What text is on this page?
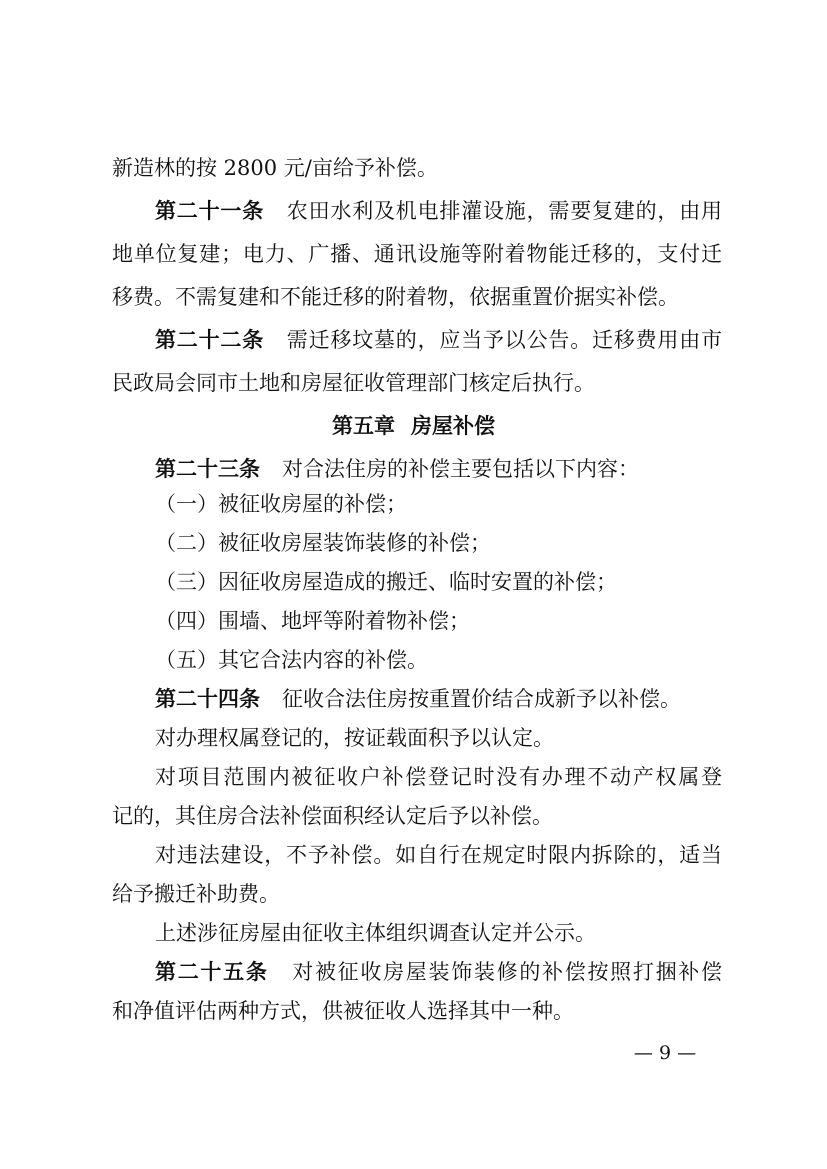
新造林的按 2800 元/亩给予补偿。
第二十一条 农田水利及机电排灌设施，需要复建的，由用
地单位复建；电力、广播、通讯设施等附着物能迁移的，支付迁
移费。不需复建和不能迁移的附着物，依据重置价据实补偿。
第二十二条 需迁移坟墓的，应当予以公告。迁移费用由市
民政局会同市土地和房屋征收管理部门核定后执行。
第五章 房屋补偿
第二十三条 对合法住房的补偿主要包括以下内容：
（一）被征收房屋的补偿；
（二）被征收房屋装饰装修的补偿；
（三）因征收房屋造成的搬迁、临时安置的补偿；
（四）围墙、地坪等附着物补偿；
（五）其它合法内容的补偿。
第二十四条 征收合法住房按重置价结合成新予以补偿。
对办理权属登记的，按证载面积予以认定。
对项目范围内被征收户补偿登记时没有办理不动产权属登
记的，其住房合法补偿面积经认定后予以补偿。
对违法建设，不予补偿。如自行在规定时限内拆除的，适当
给予搬迁补助费。
上述涉征房屋由征收主体组织调查认定并公示。
第二十五条 对被征收房屋装饰装修的补偿按照打捆补偿
和净值评估两种方式，供被征收人选择其中一种。
— 9 —
